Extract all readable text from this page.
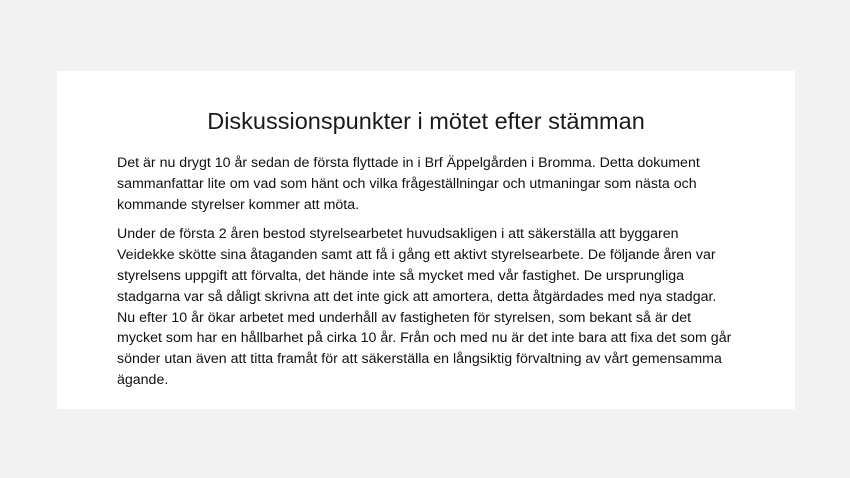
Diskussionspunkter i mötet efter stämman

Det är nu drygt 10 år sedan de första flyttade in i Brf Äppelgården i Bromma. Detta dokument sammanfattar lite om vad som hänt och vilka frågeställningar och utmaningar som nästa och kommande styrelser kommer att möta.

Under de första 2 åren bestod styrelsearbetet huvudsakligen i att säkerställa att byggaren Veidekke skötte sina åtaganden samt att få i gång ett aktivt styrelsearbete. De följande åren var styrelsens uppgift att förvalta, det hände inte så mycket med vår fastighet. De ursprungliga stadgarna var så dåligt skrivna att det inte gick att amortera, detta åtgärdades med nya stadgar. Nu efter 10 år ökar arbetet med underhåll av fastigheten för styrelsen, som bekant så är det mycket som har en hållbarhet på cirka 10 år. Från och med nu är det inte bara att fixa det som går sönder utan även att titta framåt för att säkerställa en långsiktig förvaltning av vårt gemensamma ägande.
